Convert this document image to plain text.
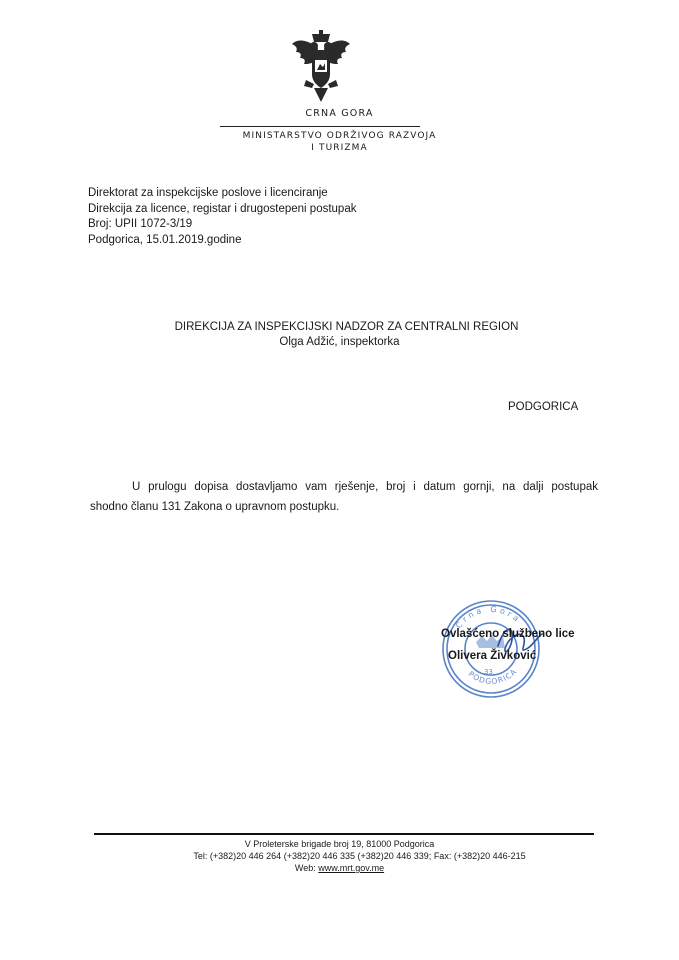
CRNA GORA
MINISTARSTVO ODRŽIVOG RAZVOJA
I TURIZMA
Direktorat za inspekcijske poslove i licenciranje
Direkcija za licence, registar i drugostepeni postupak
Broj: UPII 1072-3/19
Podgorica, 15.01.2019.godine
DIREKCIJA ZA INSPEKCIJSKI NADZOR ZA CENTRALNI REGION
Olga Adžić, inspektorka
PODGORICA
U prulogu dopisa dostavljamo vam rješenje, broj i datum gornji, na dalji postupak
shodno članu 131 Zakona o upravnom postupku.
Crna Gora
PODGORICA
33
Ovlašćeno službeno lice
Olivera Živković
V Proleterske brigade broj 19, 81000 Podgorica
Tel: (+382)20 446 264 (+382)20 446 335 (+382)20 446 339; Fax: (+382)20 446-215
Web: www.mrt.gov.me
